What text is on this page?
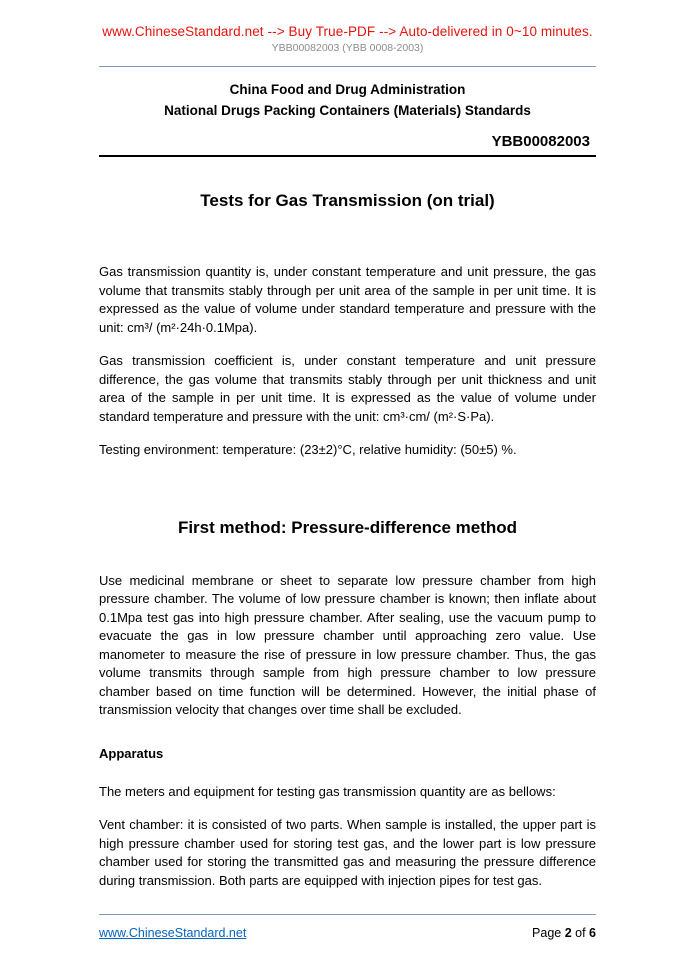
www.ChineseStandard.net --> Buy True-PDF --> Auto-delivered in 0~10 minutes.
YBB00082003 (YBB 0008-2003)
China Food and Drug Administration
National Drugs Packing Containers (Materials) Standards
YBB00082003
Tests for Gas Transmission (on trial)

Gas transmission quantity is, under constant temperature and unit pressure, the gas volume that transmits stably through per unit area of the sample in per unit time. It is expressed as the value of volume under standard temperature and pressure with the unit: cm³/ (m²·24h·0.1Mpa).

Gas transmission coefficient is, under constant temperature and unit pressure difference, the gas volume that transmits stably through per unit thickness and unit area of the sample in per unit time. It is expressed as the value of volume under standard temperature and pressure with the unit: cm³·cm/ (m²·S·Pa).

Testing environment: temperature: (23±2)°C, relative humidity: (50±5) %.

First method: Pressure-difference method

Use medicinal membrane or sheet to separate low pressure chamber from high pressure chamber. The volume of low pressure chamber is known; then inflate about 0.1Mpa test gas into high pressure chamber. After sealing, use the vacuum pump to evacuate the gas in low pressure chamber until approaching zero value. Use manometer to measure the rise of pressure in low pressure chamber. Thus, the gas volume transmits through sample from high pressure chamber to low pressure chamber based on time function will be determined. However, the initial phase of transmission velocity that changes over time shall be excluded.

Apparatus

The meters and equipment for testing gas transmission quantity are as bellows:

Vent chamber: it is consisted of two parts. When sample is installed, the upper part is high pressure chamber used for storing test gas, and the lower part is low pressure chamber used for storing the transmitted gas and measuring the pressure difference during transmission. Both parts are equipped with injection pipes for test gas.

www.ChineseStandard.net	Page 2 of 6
